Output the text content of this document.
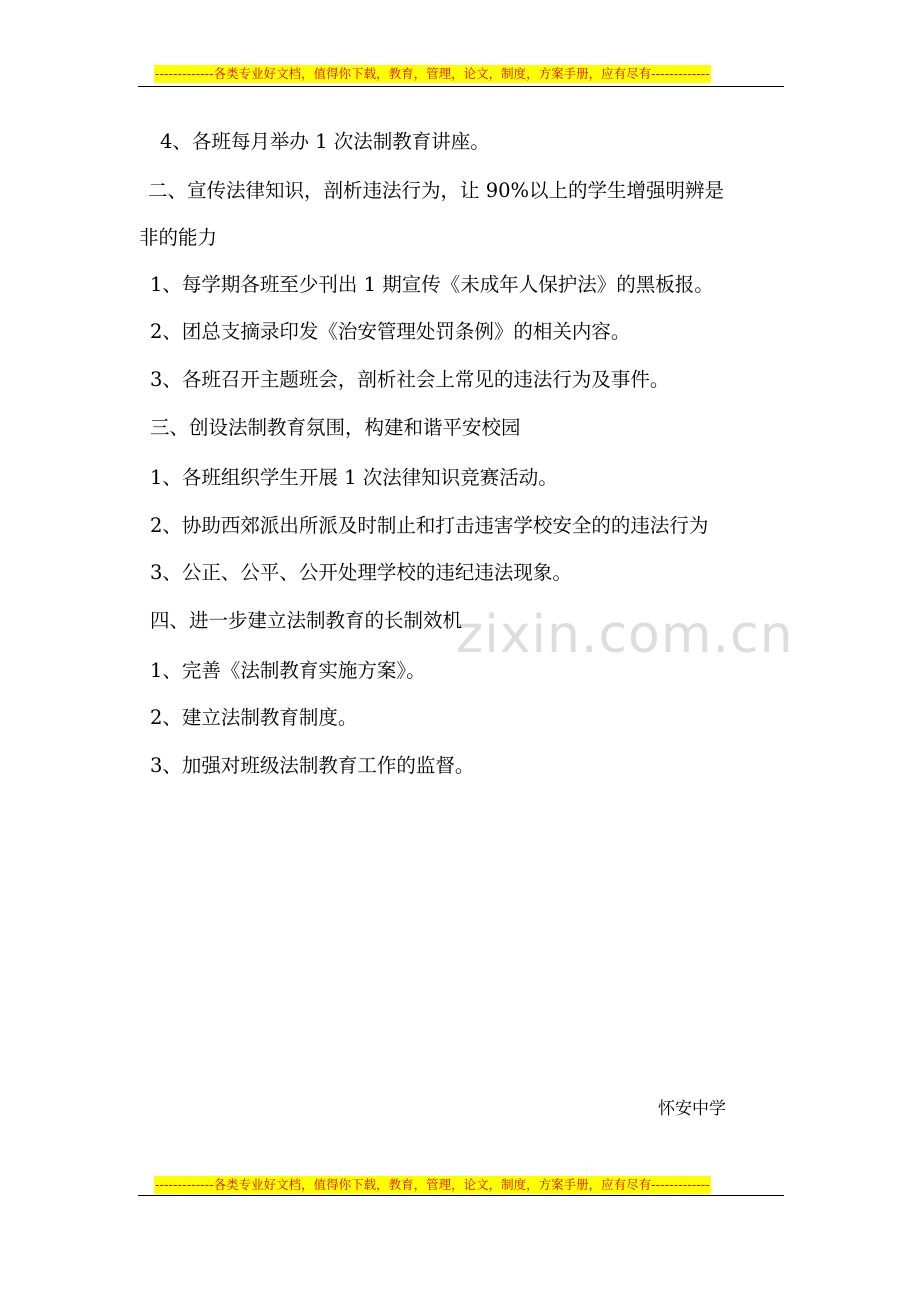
-------------各类专业好文档，值得你下载，教育，管理，论文，制度，方案手册，应有尽有-------------
zixin.com.cn
4、各班每月举办 1 次法制教育讲座。
二、宣传法律知识，剖析违法行为，让 90%以上的学生增强明辨是
非的能力
1、每学期各班至少刊出 1 期宣传《未成年人保护法》的黑板报。
2、团总支摘录印发《治安管理处罚条例》的相关内容。
3、各班召开主题班会，剖析社会上常见的违法行为及事件。
三、创设法制教育氛围，构建和谐平安校园
1、各班组织学生开展 1 次法律知识竞赛活动。
2、协助西郊派出所派及时制止和打击违害学校安全的的违法行为
3、公正、公平、公开处理学校的违纪违法现象。
四、进一步建立法制教育的长制效机
1、完善《法制教育实施方案》。
2、建立法制教育制度。
3、加强对班级法制教育工作的监督。
怀安中学
-------------各类专业好文档，值得你下载，教育，管理，论文，制度，方案手册，应有尽有-------------
